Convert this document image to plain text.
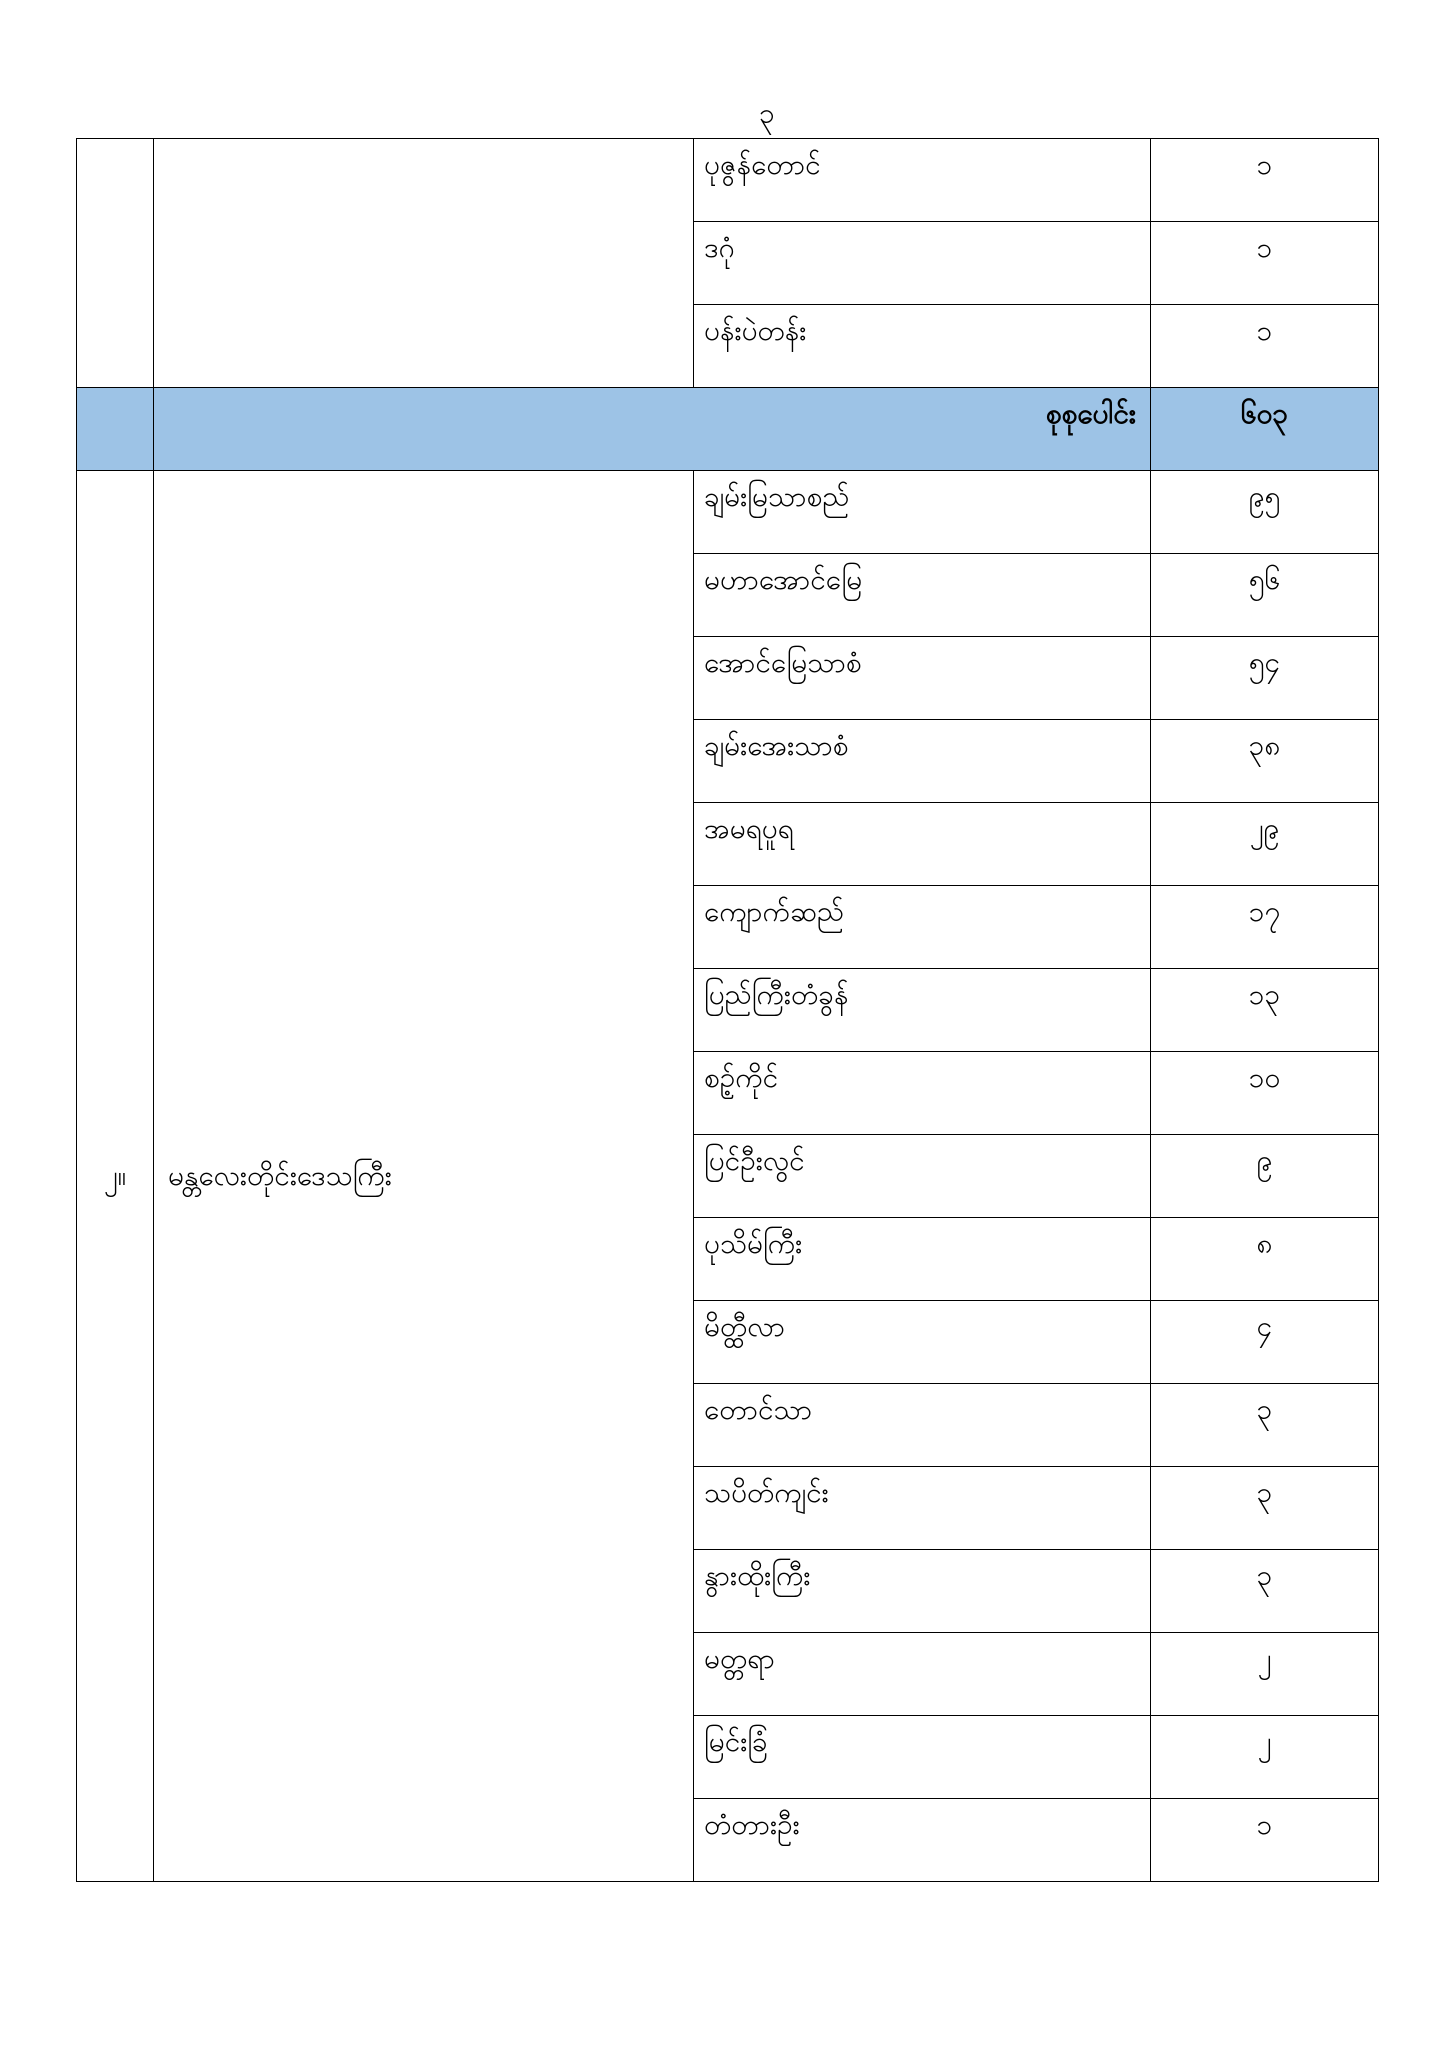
၃
		ပုဇွန်တောင်	၁
		ဒဂုံ	၁
		ပန်းပဲတန်း	၁
	စုစုပေါင်း		၆၀၃
၂။	မန္တလေးတိုင်းဒေသကြီး	ချမ်းမြသာစည်	၉၅
		မဟာအောင်မြေ	၅၆
		အောင်မြေသာစံ	၅၄
		ချမ်းအေးသာစံ	၃၈
		အမရပူရ	၂၉
		ကျောက်ဆည်	၁၇
		ပြည်ကြီးတံခွန်	၁၃
		စဉ့်ကိုင်	၁၀
		ပြင်ဦးလွင်	၉
		ပုသိမ်ကြီး	၈
		မိတ္ထီလာ	၄
		တောင်သာ	၃
		သပိတ်ကျင်း	၃
		နွားထိုးကြီး	၃
		မတ္တရာ	၂
		မြင်းခြံ	၂
		တံတားဦး	၁
